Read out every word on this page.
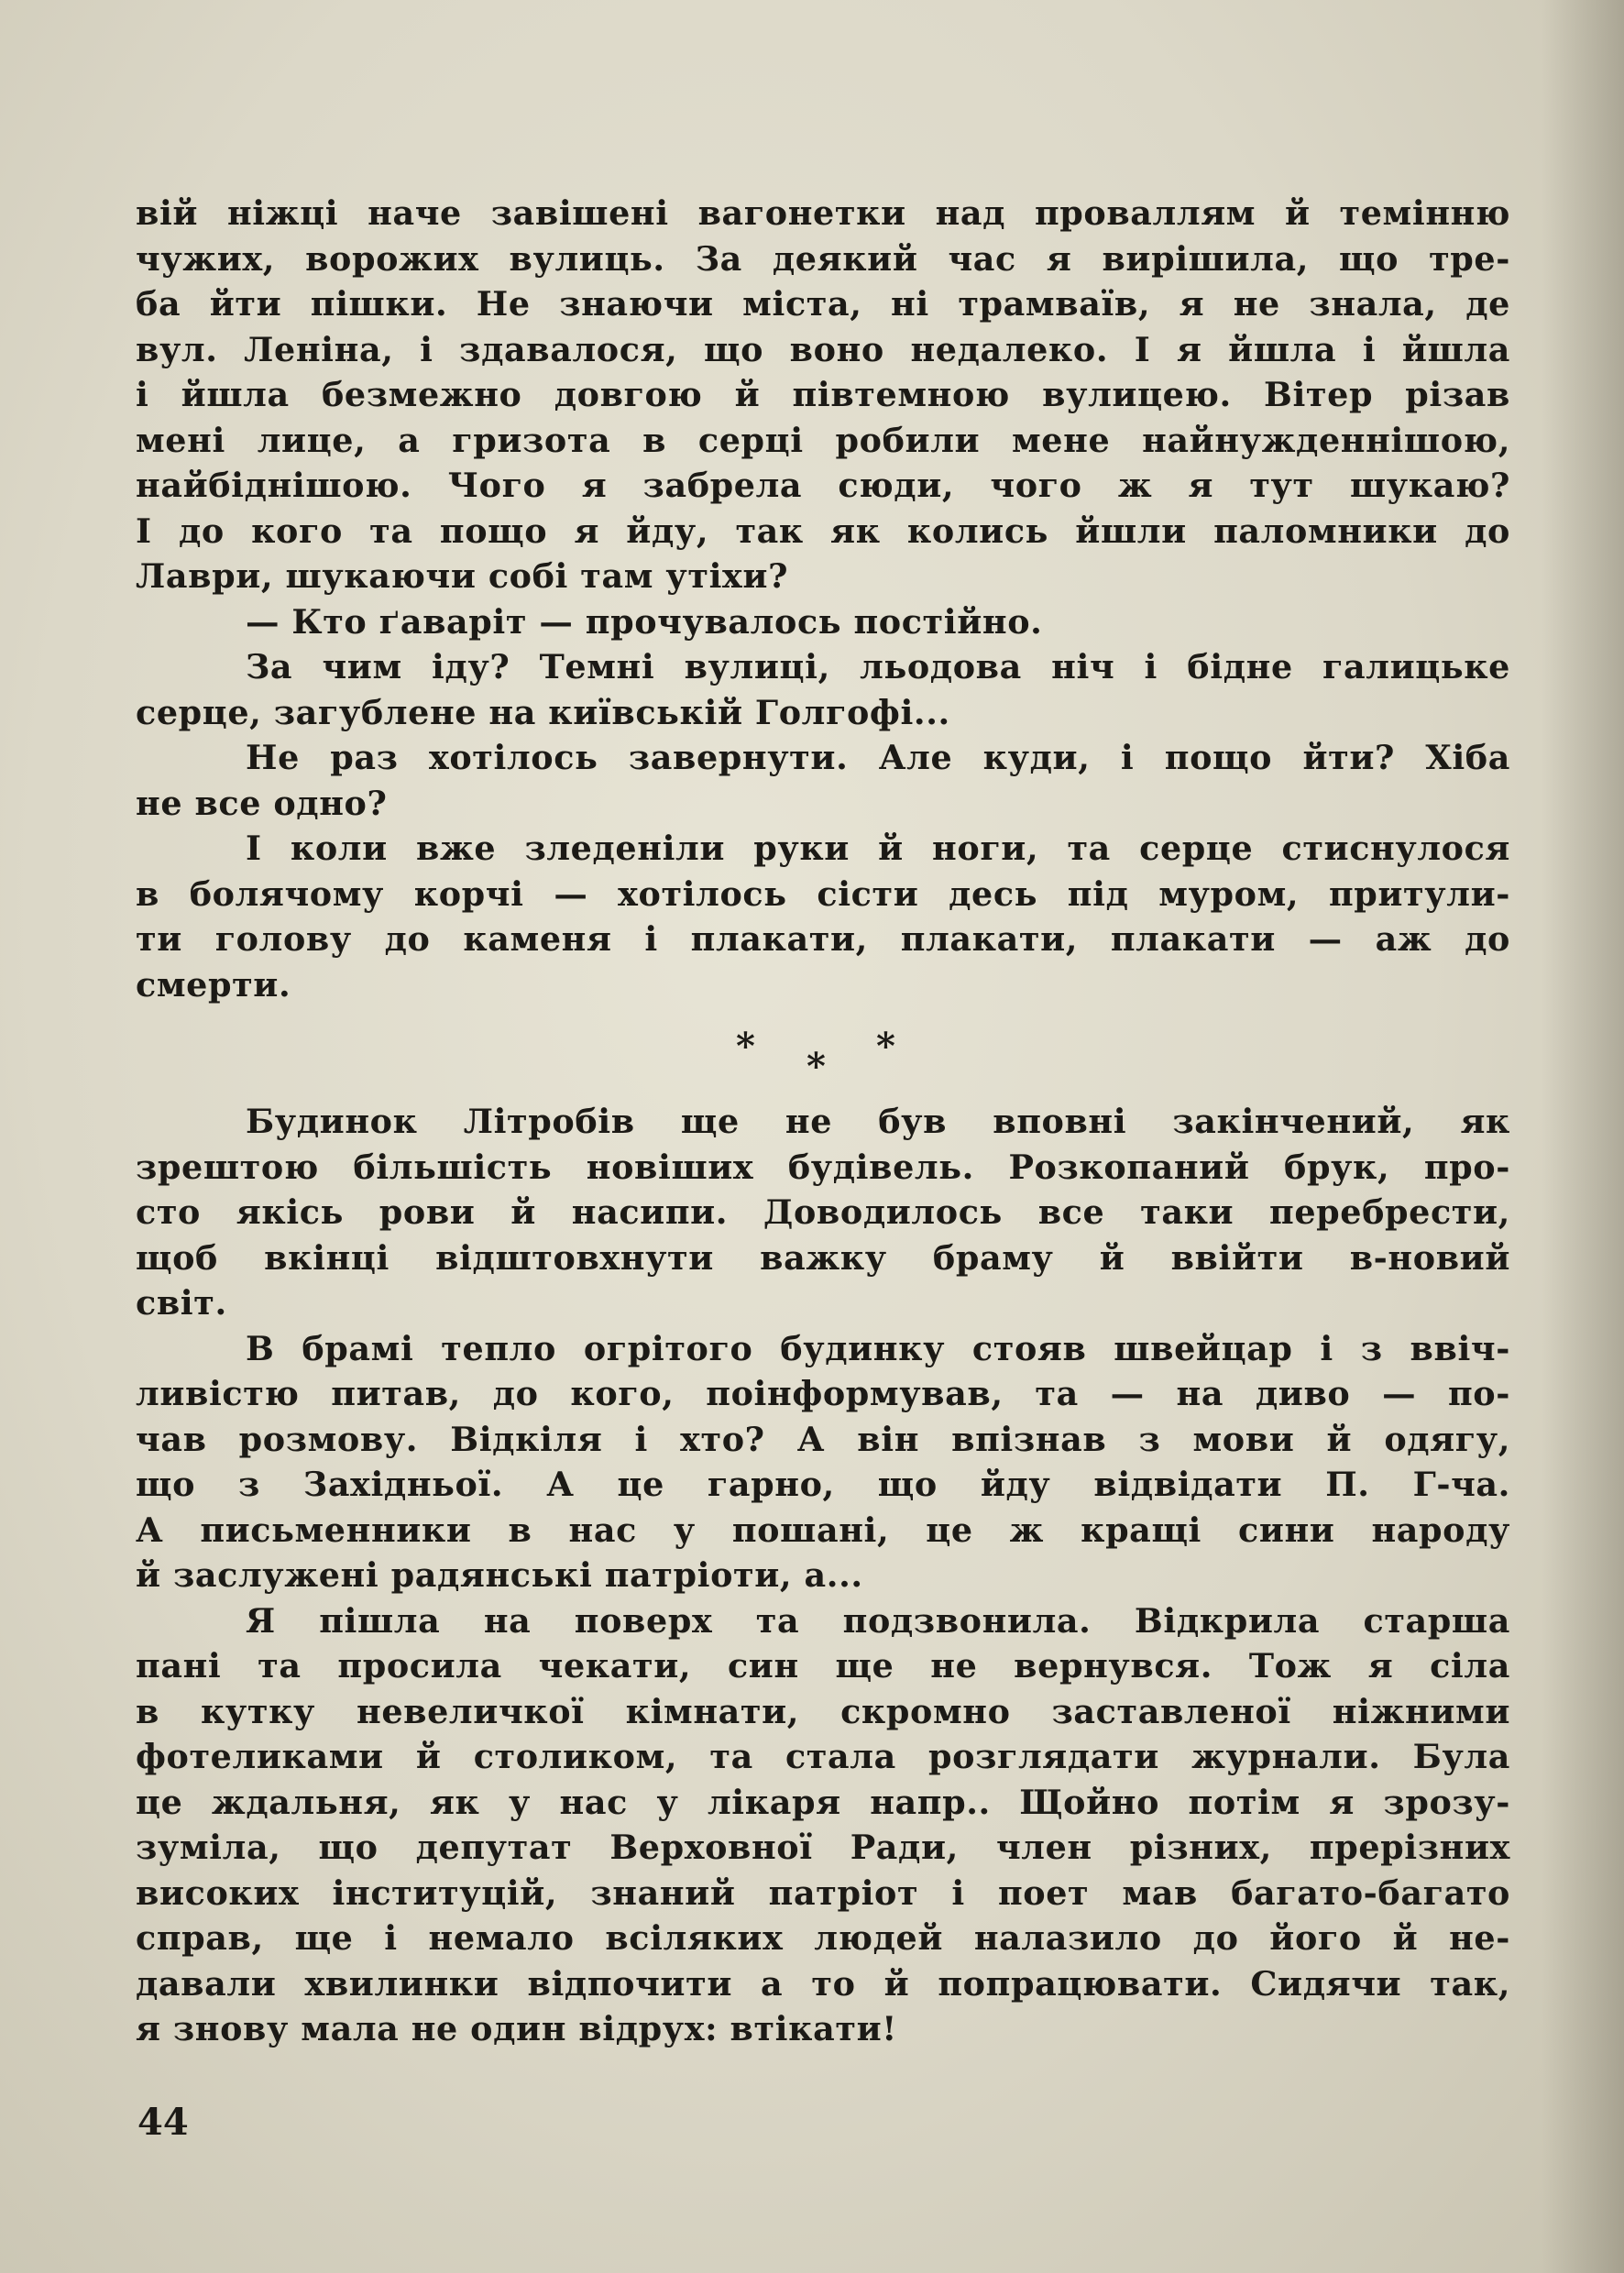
вій ніжці наче завішені вагонетки над проваллям й темінню
чужих, ворожих вулиць. За деякий час я вирішила, що тре-
ба йти пішки. Не знаючи міста, ні трамваїв, я не знала, де
вул. Леніна, і здавалося, що воно недалеко. І я йшла і йшла
і йшла безмежно довгою й півтемною вулицею. Вітер різав
мені лице, а гризота в серці робили мене найнужденнішою,
найбіднішою. Чого я забрела сюди, чого ж я тут шукаю?
І до кого та пощо я йду, так як колись йшли паломники до
Лаври, шукаючи собі там утіхи?
— Кто ґаваріт — прочувалось постійно.
За чим іду? Темні вулиці, льодова ніч і бідне галицьке
серце, загублене на київській Голгофі...
Не раз хотілось завернути. Але куди, і пощо йти? Хіба
не все одно?
І коли вже зледеніли руки й ноги, та серце стиснулося
в болячому корчі — хотілось сісти десь під муром, притули-
ти голову до каменя і плакати, плакати, плакати — аж до
смерти.
* * *
Будинок Літробів ще не був вповні закінчений, як
зрештою більшість новіших будівель. Розкопаний брук, про-
сто якісь рови й насипи. Доводилось все таки перебрести,
щоб вкінці відштовхнути важку браму й ввійти в-новий
світ.
В брамі тепло огрітого будинку стояв швейцар і з ввіч-
ливістю питав, до кого, поінформував, та — на диво — по-
чав розмову. Відкіля і хто? А він впізнав з мови й одягу,
що з Західньої. А це гарно, що йду відвідати П. Г-ча.
А письменники в нас у пошані, це ж кращі сини народу
й заслужені радянські патріоти, а...
Я пішла на поверх та подзвонила. Відкрила старша
пані та просила чекати, син ще не вернувся. Тож я сіла
в кутку невеличкої кімнати, скромно заставленої ніжними
фотеликами й столиком, та стала розглядати журнали. Була
це ждальня, як у нас у лікаря напр.. Щойно потім я зрозу-
зуміла, що депутат Верховної Ради, член різних, прерізних
високих інституцій, знаний патріот і поет мав багато-багато
справ, ще і немало всіляких людей налазило до його й не-
давали хвилинки відпочити а то й попрацювати. Сидячи так,
я знову мала не один відрух: втікати!
44
